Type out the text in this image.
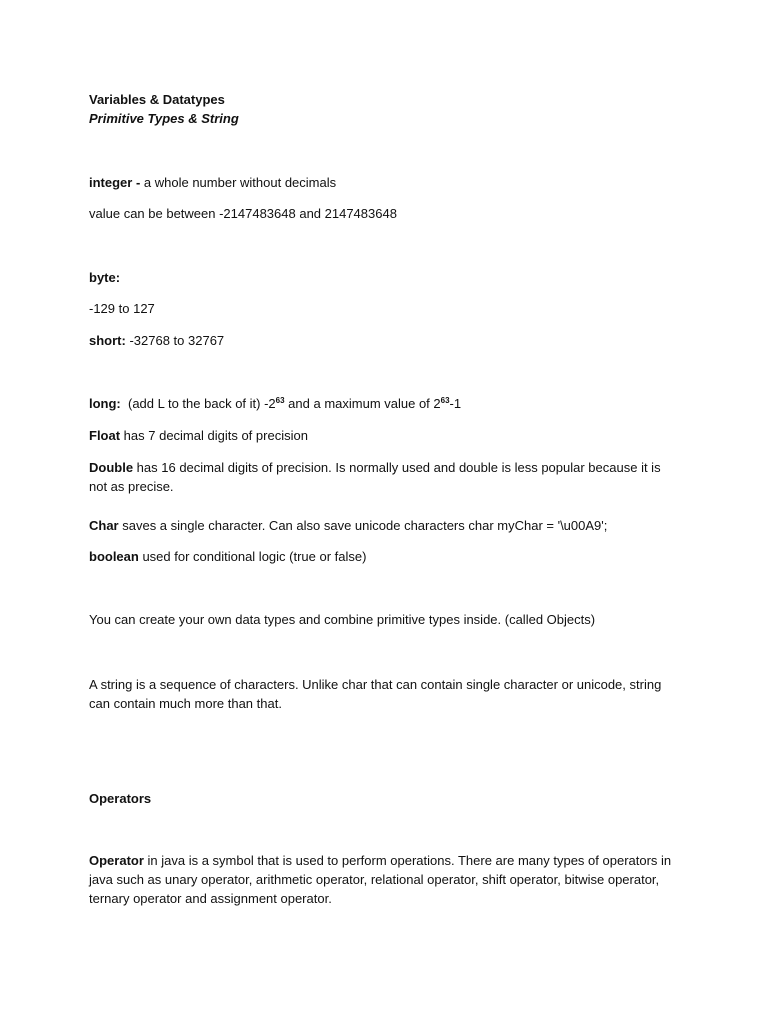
Variables & Datatypes

Primitive Types & String

integer - a whole number without decimals

value can be between -2147483648 and 2147483648

byte:

-129 to 127

short: -32768 to 32767

long:  (add L to the back of it) $-2^{63}$ and a maximum value of $2^{63}-1$

Float has 7 decimal digits of precision

Double has 16 decimal digits of precision. Is normally used and double is less popular because it is not as precise.

Char saves a single character. Can also save unicode characters char myChar = '\u00A9';

boolean used for conditional logic (true or false)

You can create your own data types and combine primitive types inside. (called Objects)

A string is a sequence of characters. Unlike char that can contain single character or unicode, string can contain much more than that.

Operators

Operator in java is a symbol that is used to perform operations. There are many types of operators in java such as unary operator, arithmetic operator, relational operator, shift operator, bitwise operator, ternary operator and assignment operator.
